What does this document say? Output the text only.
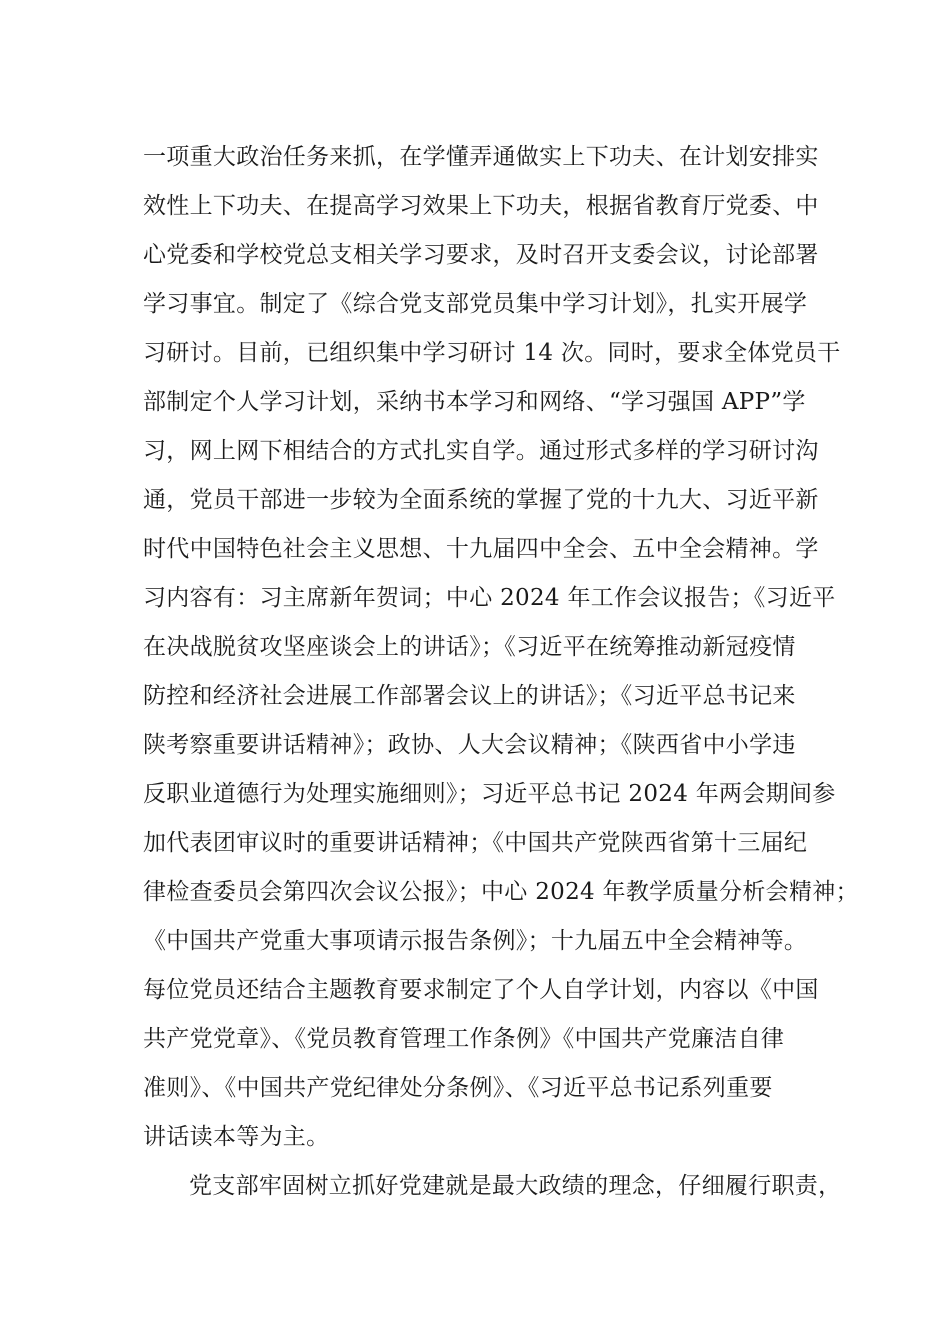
一项重大政治任务来抓，在学懂弄通做实上下功夫、在计划安排实
效性上下功夫、在提高学习效果上下功夫，根据省教育厅党委、中
心党委和学校党总支相关学习要求，及时召开支委会议，讨论部署
学习事宜。制定了《综合党支部党员集中学习计划》，扎实开展学
习研讨。目前，已组织集中学习研讨 14 次。同时，要求全体党员干
部制定个人学习计划，采纳书本学习和网络、“学习强国 APP”学
习，网上网下相结合的方式扎实自学。通过形式多样的学习研讨沟
通，党员干部进一步较为全面系统的掌握了党的十九大、习近平新
时代中国特色社会主义思想、十九届四中全会、五中全会精神。学
习内容有：习主席新年贺词；中心 2024 年工作会议报告；《习近平
在决战脱贫攻坚座谈会上的讲话》；《习近平在统筹推动新冠疫情
防控和经济社会进展工作部署会议上的讲话》；《习近平总书记来
陕考察重要讲话精神》；政协、人大会议精神；《陕西省中小学违
反职业道德行为处理实施细则》；习近平总书记 2024 年两会期间参
加代表团审议时的重要讲话精神；《中国共产党陕西省第十三届纪
律检查委员会第四次会议公报》；中心 2024 年教学质量分析会精神；
《中国共产党重大事项请示报告条例》；十九届五中全会精神等。
每位党员还结合主题教育要求制定了个人自学计划，内容以《中国
共产党党章》、《党员教育管理工作条例》《中国共产党廉洁自律
准则》、《中国共产党纪律处分条例》、《习近平总书记系列重要
讲话读本等为主。
党支部牢固树立抓好党建就是最大政绩的理念，仔细履行职责，
